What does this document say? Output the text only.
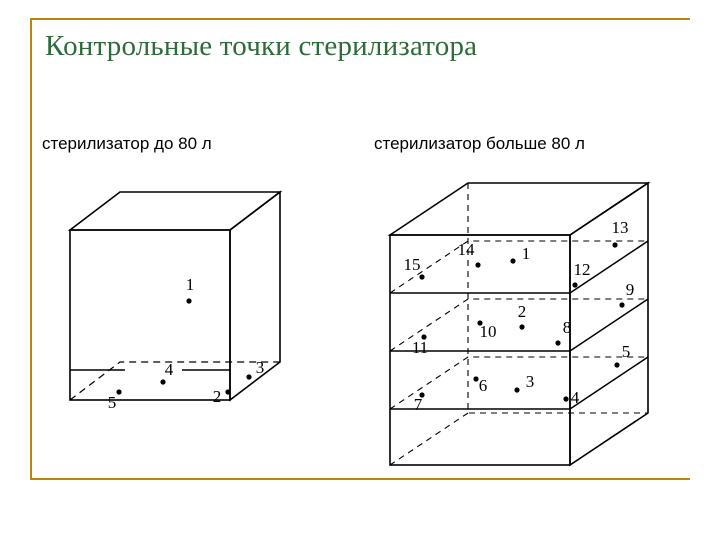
Контрольные точки стерилизатора
стерилизатор до 80 л	стерилизатор больше 80 л
1
2
3
4
5
15
14	1
13
12
11
10
2
8
9
7
6 3
4
5
